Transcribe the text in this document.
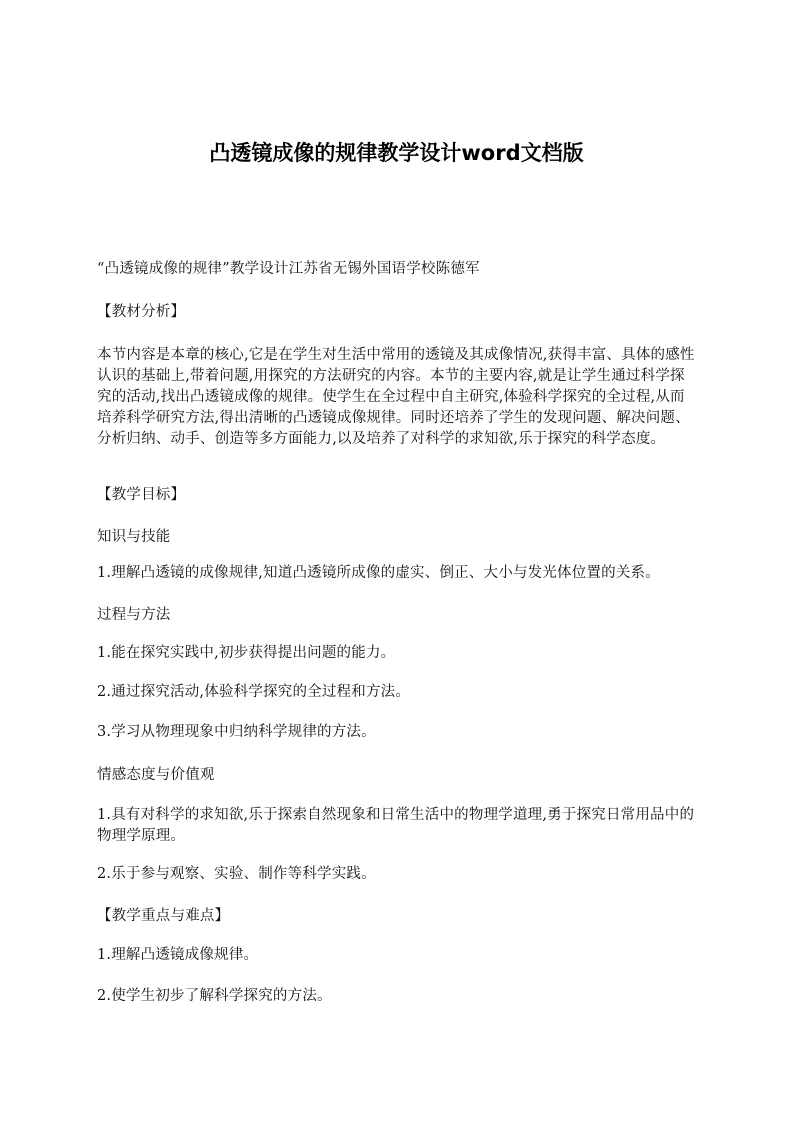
凸透镜成像的规律教学设计word文档版

“凸透镜成像的规律”教学设计江苏省无锡外国语学校陈德军

【教材分析】

本节内容是本章的核心,它是在学生对生活中常用的透镜及其成像情况,获得丰富、具体的感性认识的基础上,带着问题,用探究的方法研究的内容。本节的主要内容,就是让学生通过科学探究的活动,找出凸透镜成像的规律。使学生在全过程中自主研究,体验科学探究的全过程,从而培养科学研究方法,得出清晰的凸透镜成像规律。同时还培养了学生的发现问题、解决问题、分析归纳、动手、创造等多方面能力,以及培养了对科学的求知欲,乐于探究的科学态度。

【教学目标】

知识与技能

1.理解凸透镜的成像规律,知道凸透镜所成像的虚实、倒正、大小与发光体位置的关系。

过程与方法

1.能在探究实践中,初步获得提出问题的能力。

2.通过探究活动,体验科学探究的全过程和方法。

3.学习从物理现象中归纳科学规律的方法。

情感态度与价值观

1.具有对科学的求知欲,乐于探索自然现象和日常生活中的物理学道理,勇于探究日常用品中的物理学原理。

2.乐于参与观察、实验、制作等科学实践。

【教学重点与难点】

1.理解凸透镜成像规律。

2.使学生初步了解科学探究的方法。
